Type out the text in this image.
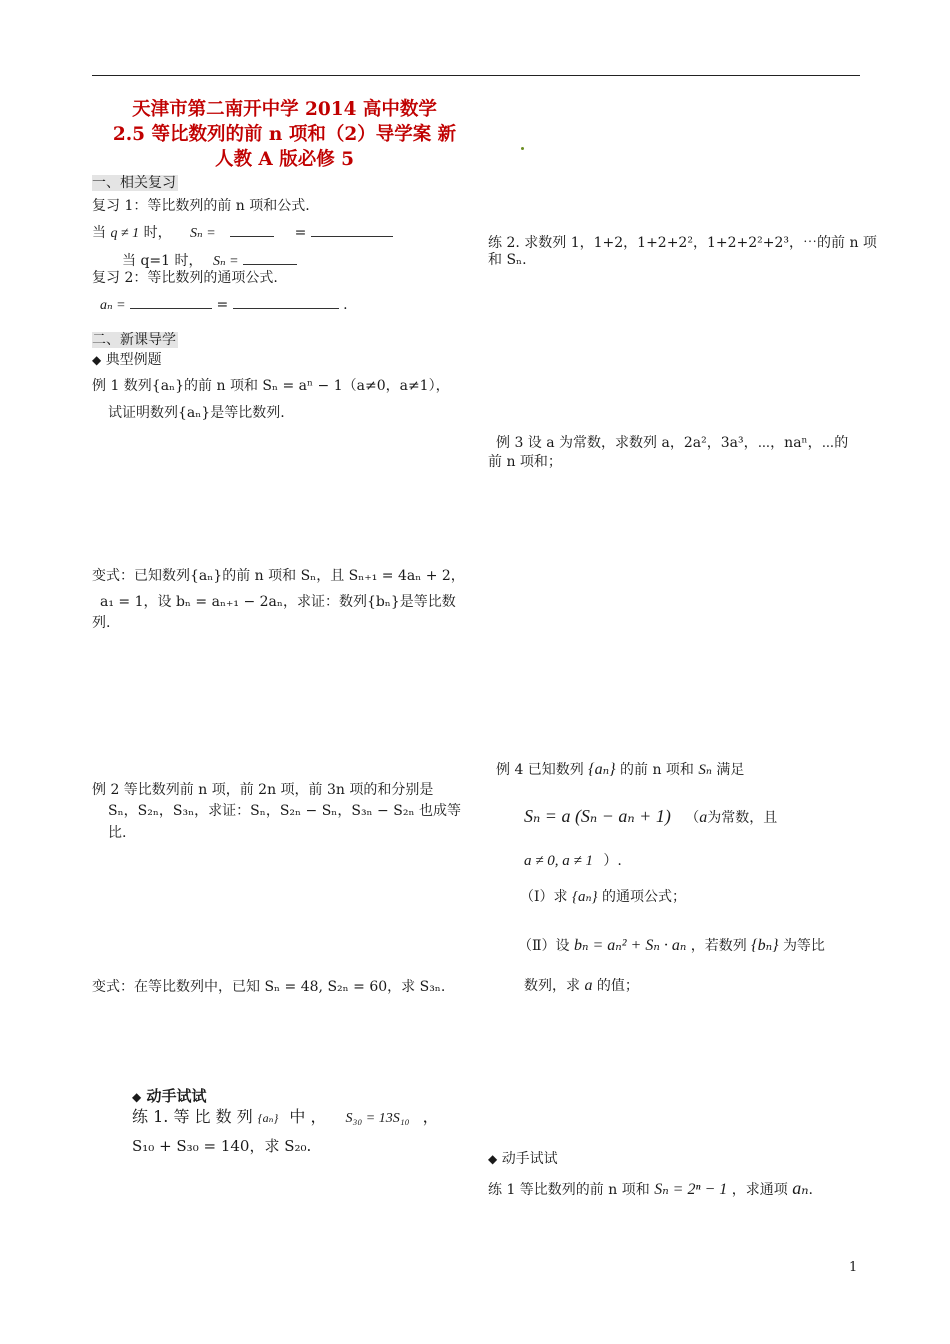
天津市第二南开中学 2014 高中数学
2.5 等比数列的前 n 项和（2）导学案 新
人教 A 版必修 5
一、相关复习
复习 1：等比数列的前 n 项和公式.
当 q ≠ 1 时， Sₙ =	=
当 q=1 时， Sₙ =
复习 2：等比数列的通项公式.
aₙ =	=	.
二、新课导学
◆ 典型例题
例 1 数列{aₙ}的前 n 项和 Sₙ = aⁿ − 1（a≠0，a≠1），
试证明数列{aₙ}是等比数列.
变式：已知数列{aₙ}的前 n 项和 Sₙ，且 Sₙ₊₁ = 4aₙ + 2，
a₁ = 1，设 bₙ = aₙ₊₁ − 2aₙ，求证：数列{bₙ}是等比数
列.
例 2 等比数列前 n 项，前 2n 项，前 3n 项的和分别是
Sₙ，S₂ₙ，S₃ₙ，求证：Sₙ，S₂ₙ − Sₙ，S₃ₙ − S₂ₙ 也成等
比.
变式：在等比数列中，已知 Sₙ = 48, S₂ₙ = 60，求 S₃ₙ.
◆ 动手试试
练 1. 等 比 数 列 {aₙ} 中 ， S₃₀ = 13S₁₀ ，
S₁₀ + S₃₀ = 140，求 S₂₀.
练 2. 求数列 1，1+2，1+2+2²，1+2+2²+2³，⋯的前 n 项
和 Sₙ.
例 3 设 a 为常数，求数列 a，2a²，3a³，⋯，naⁿ，⋯的
前 n 项和；
例 4 已知数列 {aₙ} 的前 n 项和 Sₙ 满足
Sₙ = a (Sₙ − aₙ + 1) （a为常数，且
a ≠ 0, a ≠ 1 ）.
（Ⅰ）求 {aₙ} 的通项公式；
（Ⅱ）设 bₙ = aₙ² + Sₙ · aₙ ，若数列 {bₙ} 为等比
数列，求 a 的值；
◆ 动手试试
练 1 等比数列的前 n 项和 Sₙ = 2ⁿ − 1 ，求通项 aₙ.
1
